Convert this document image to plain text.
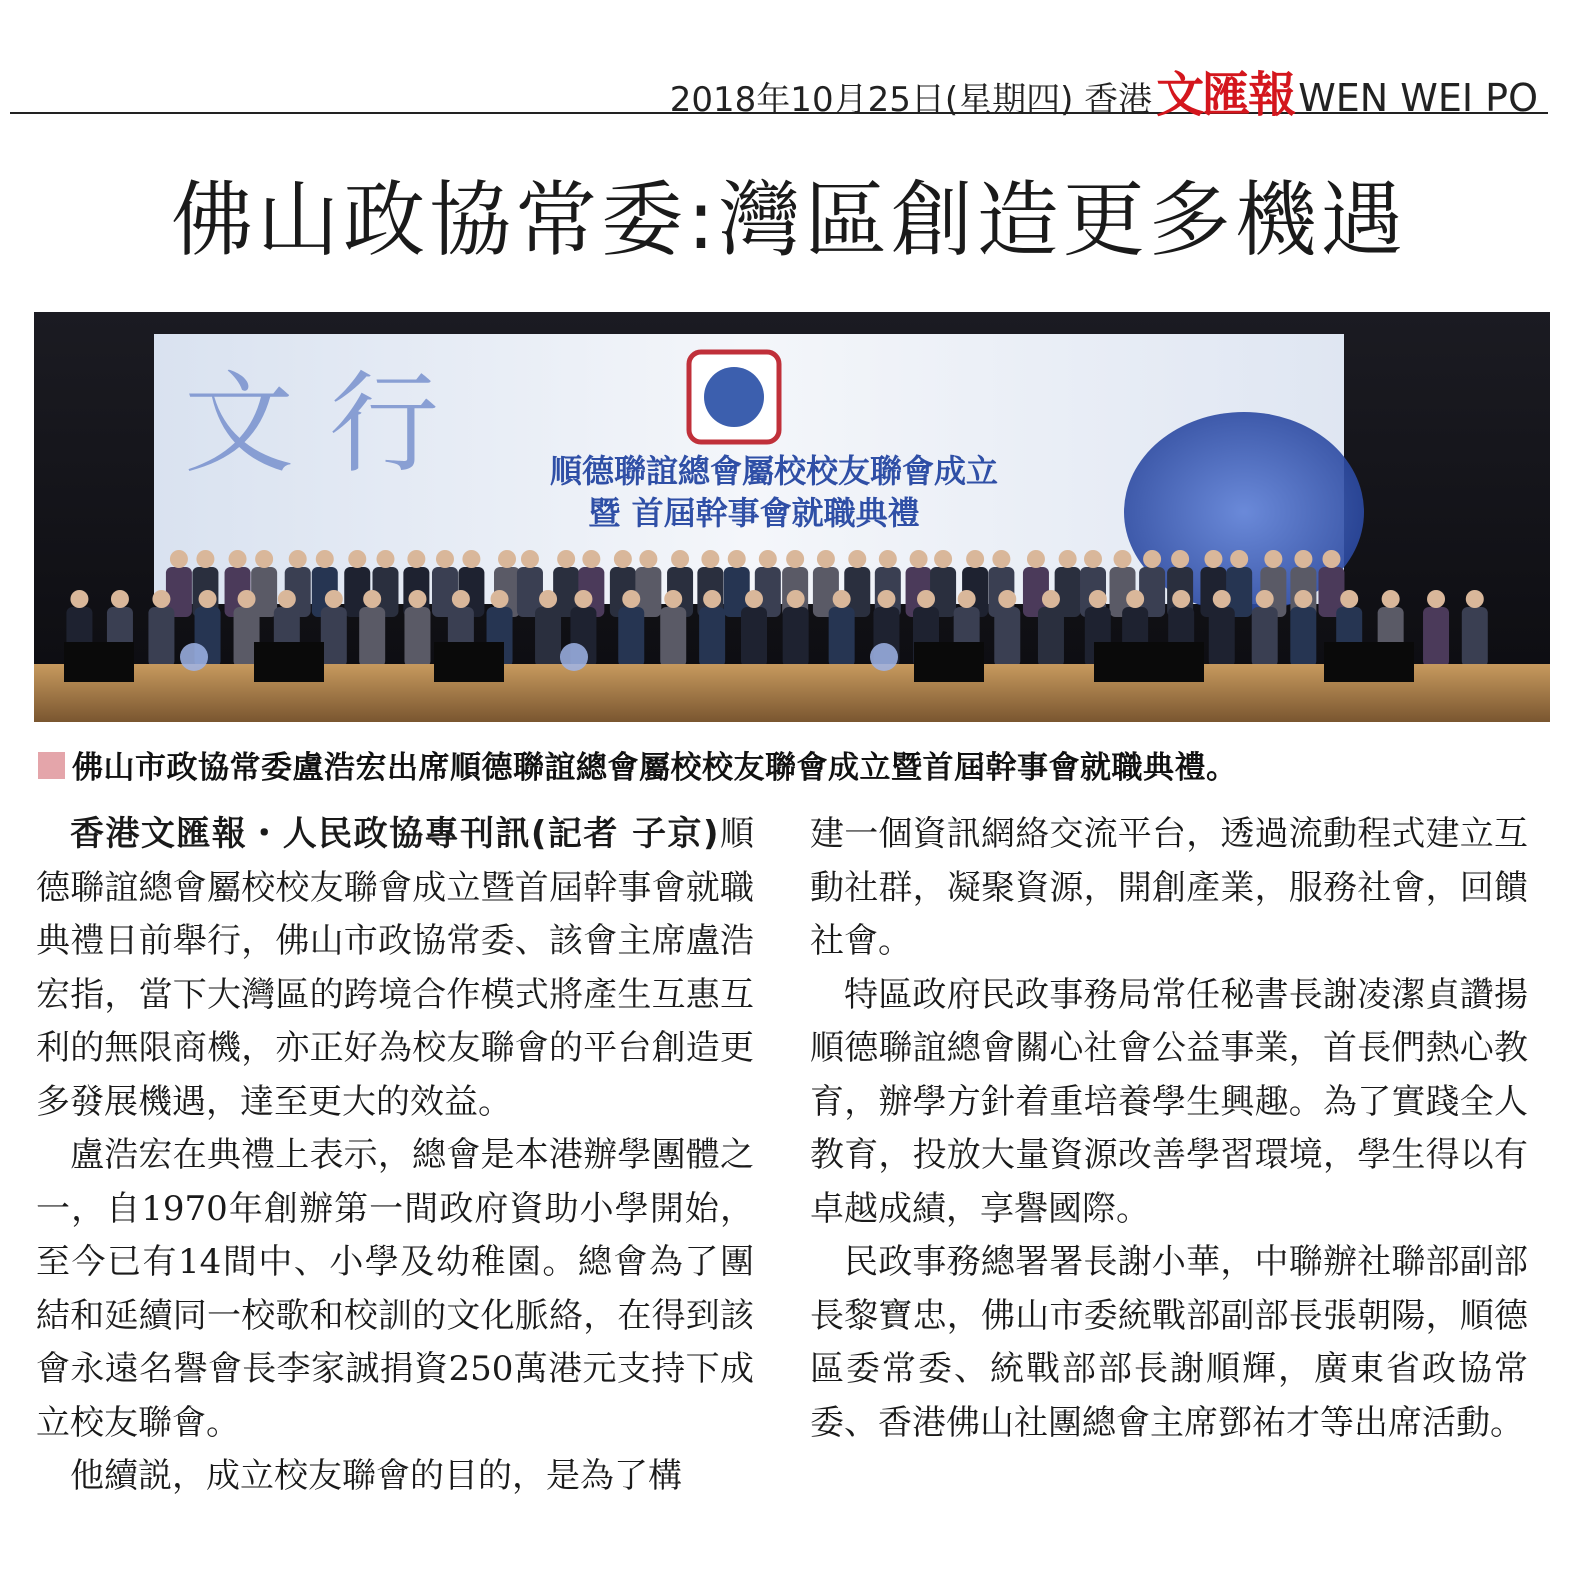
2018年10月25日(星期四) 香港 文匯報 WEN WEI PO
佛山政協常委:灣區創造更多機遇
文 行	順德聯誼總會屬校校友聯會成立
暨 首屆幹事會就職典禮
佛山市政協常委盧浩宏出席順德聯誼總會屬校校友聯會成立暨首屆幹事會就職典禮。

香港文匯報・人民政協專刊訊(記者 子京)順德聯誼總會屬校校友聯會成立暨首屆幹事會就職典禮日前舉行，佛山市政協常委、該會主席盧浩宏指，當下大灣區的跨境合作模式將產生互惠互利的無限商機，亦正好為校友聯會的平台創造更多發展機遇，達至更大的效益。

盧浩宏在典禮上表示，總會是本港辦學團體之一，自1970年創辦第一間政府資助小學開始，至今已有14間中、小學及幼稚園。總會為了團結和延續同一校歌和校訓的文化脈絡，在得到該會永遠名譽會長李家誠捐資250萬港元支持下成立校友聯會。

他續説，成立校友聯會的目的，是為了構

建一個資訊網絡交流平台，透過流動程式建立互動社群，凝聚資源，開創產業，服務社會，回饋社會。

特區政府民政事務局常任秘書長謝凌潔貞讚揚順德聯誼總會關心社會公益事業，首長們熱心教育，辦學方針着重培養學生興趣。為了實踐全人教育，投放大量資源改善學習環境，學生得以有卓越成績，享譽國際。

民政事務總署署長謝小華，中聯辦社聯部副部長黎寶忠，佛山市委統戰部副部長張朝陽，順德區委常委、統戰部部長謝順輝，廣東省政協常委、香港佛山社團總會主席鄧祐才等出席活動。
